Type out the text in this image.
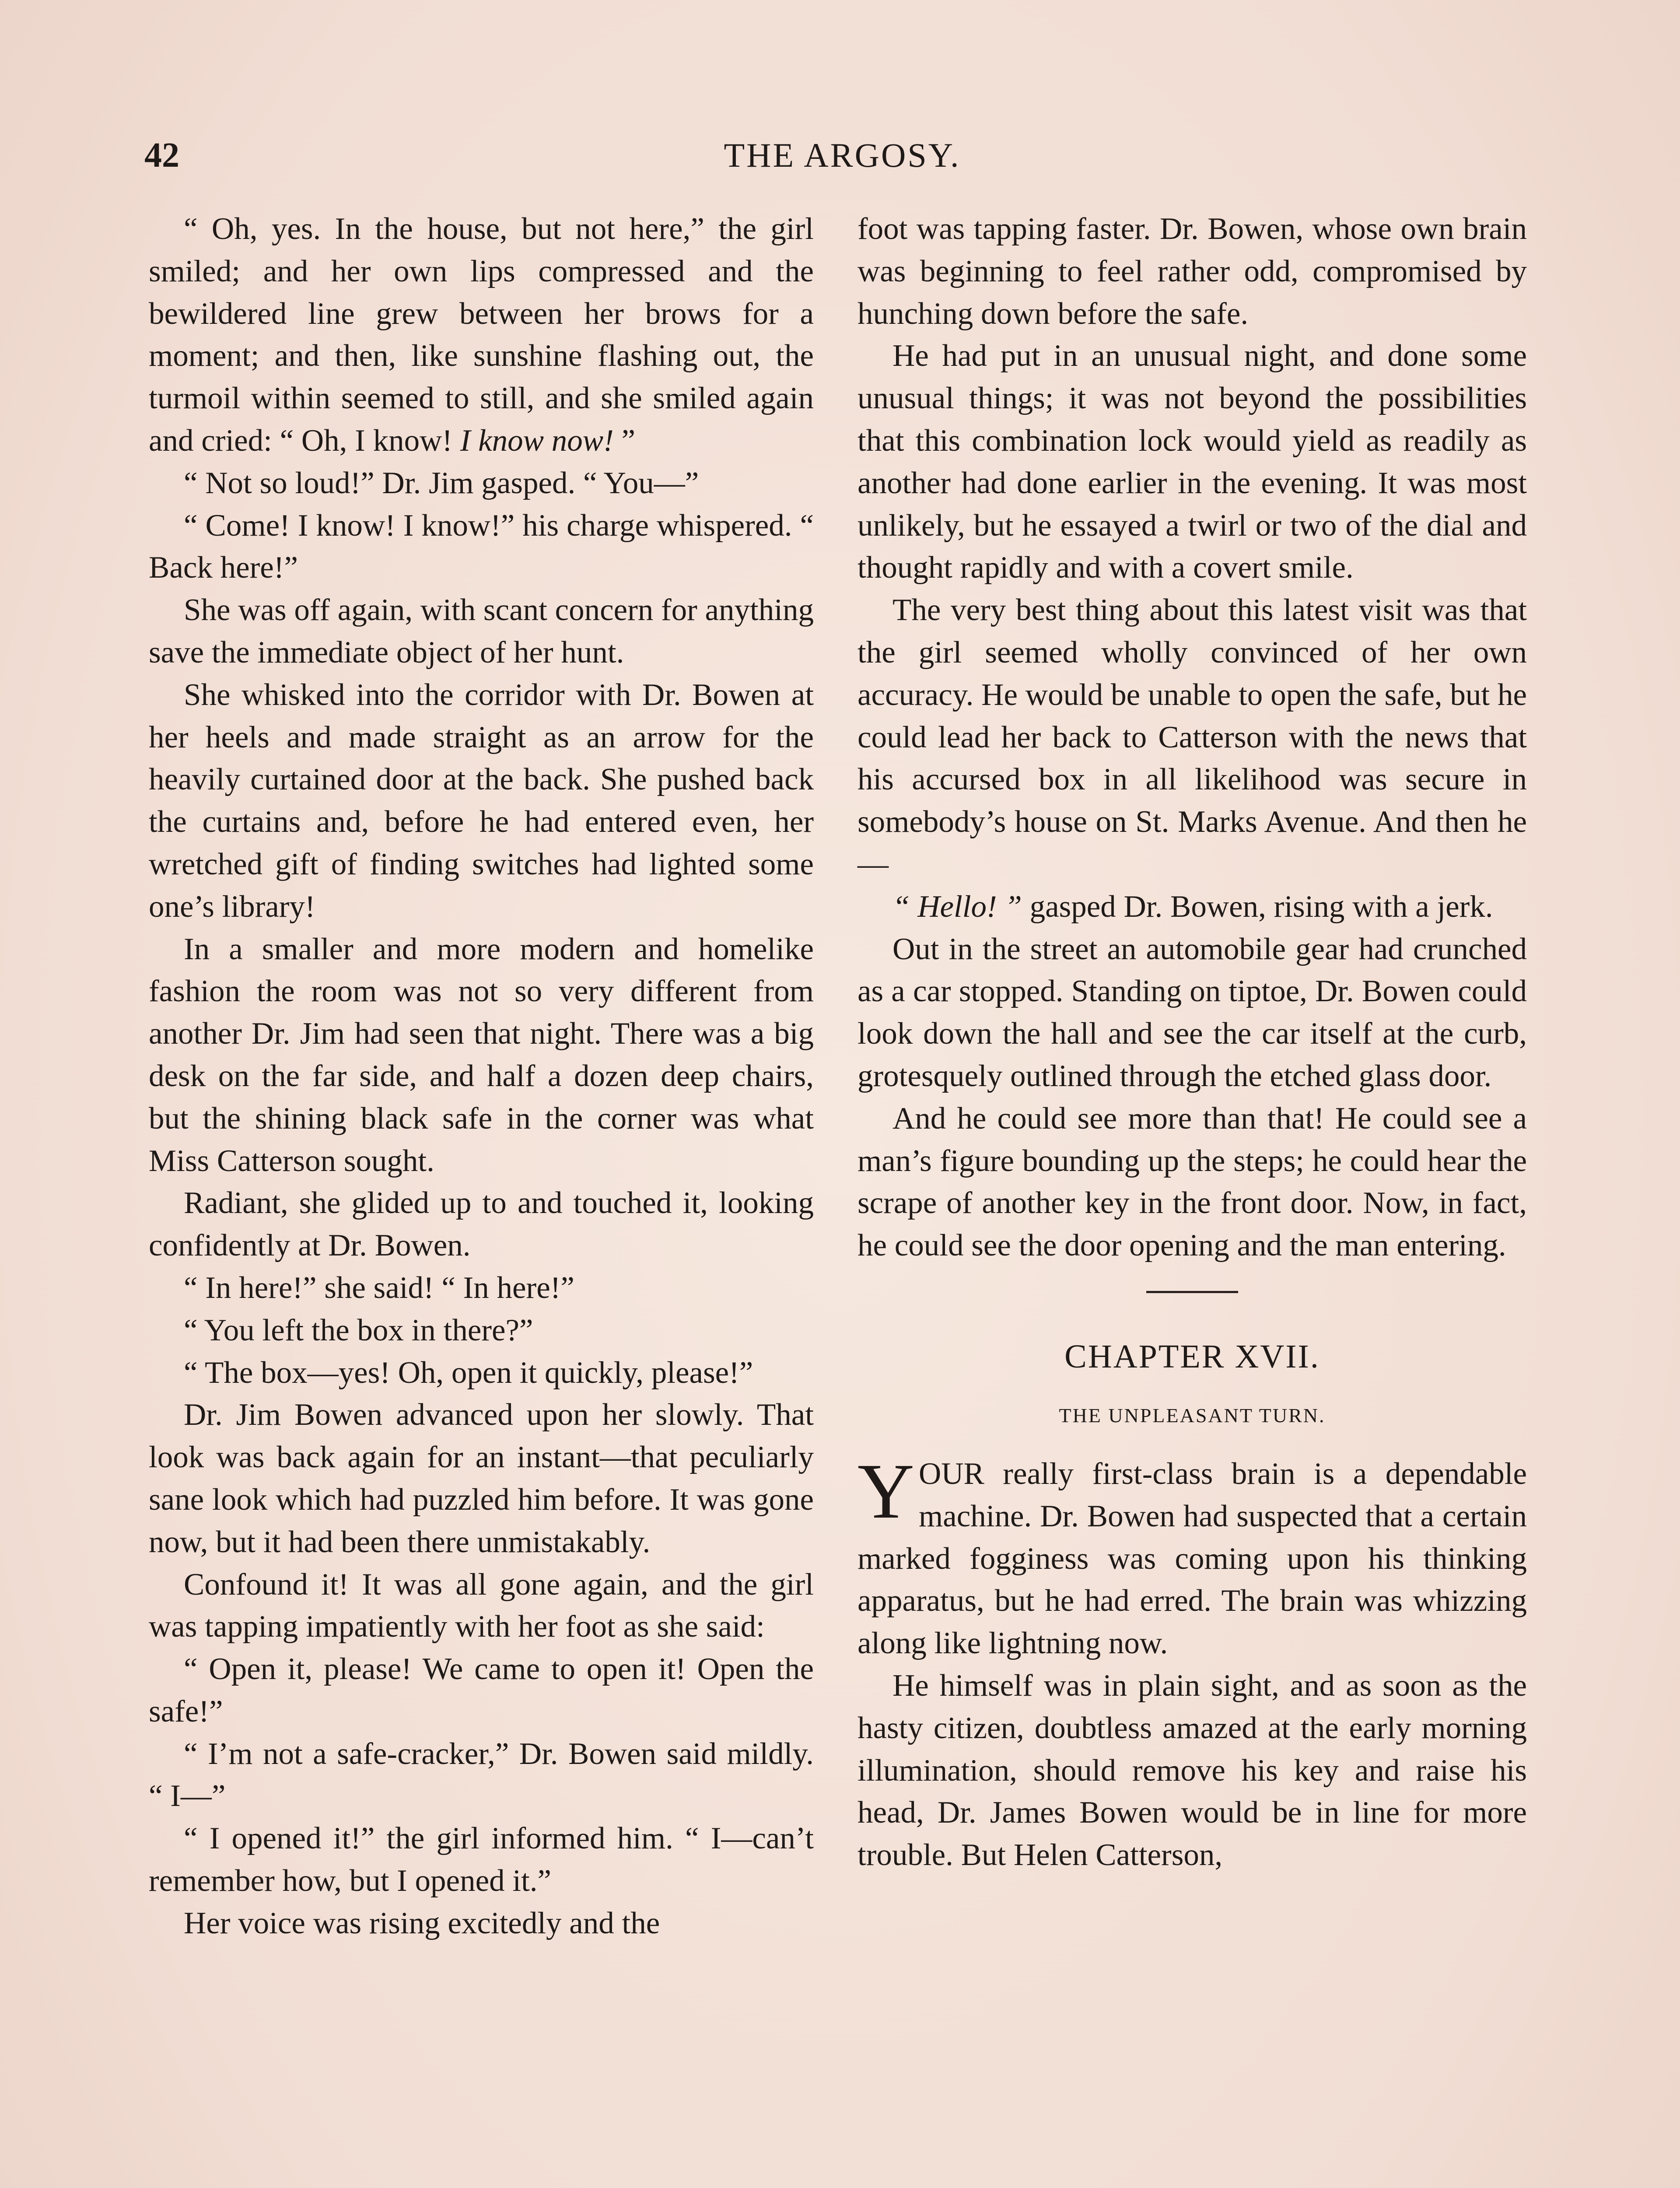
42	THE ARGOSY.

“ Oh, yes. In the house, but not here,” the girl smiled; and her own lips compressed and the bewildered line grew between her brows for a moment; and then, like sunshine flashing out, the turmoil within seemed to still, and she smiled again and cried: “ Oh, I know! I know now! ”

“ Not so loud!” Dr. Jim gasped. “ You—”

“ Come! I know! I know!” his charge whispered. “ Back here!”

She was off again, with scant concern for anything save the immediate object of her hunt.

She whisked into the corridor with Dr. Bowen at her heels and made straight as an arrow for the heavily curtained door at the back. She pushed back the curtains and, before he had entered even, her wretched gift of finding switches had lighted some one’s library!

In a smaller and more modern and homelike fashion the room was not so very different from another Dr. Jim had seen that night. There was a big desk on the far side, and half a dozen deep chairs, but the shining black safe in the corner was what Miss Catterson sought.

Radiant, she glided up to and touched it, looking confidently at Dr. Bowen.

“ In here!” she said! “ In here!”

“ You left the box in there?”

“ The box—yes! Oh, open it quickly, please!”

Dr. Jim Bowen advanced upon her slowly. That look was back again for an instant—that peculiarly sane look which had puzzled him before. It was gone now, but it had been there unmistakably.

Confound it! It was all gone again, and the girl was tapping impatiently with her foot as she said:

“ Open it, please! We came to open it! Open the safe!”

“ I’m not a safe-cracker,” Dr. Bowen said mildly. “ I—”

“ I opened it!” the girl informed him. “ I—can’t remember how, but I opened it.”

Her voice was rising excitedly and the

foot was tapping faster. Dr. Bowen, whose own brain was beginning to feel rather odd, compromised by hunching down before the safe.

He had put in an unusual night, and done some unusual things; it was not beyond the possibilities that this combination lock would yield as readily as another had done earlier in the evening. It was most unlikely, but he essayed a twirl or two of the dial and thought rapidly and with a covert smile.

The very best thing about this latest visit was that the girl seemed wholly convinced of her own accuracy. He would be unable to open the safe, but he could lead her back to Catterson with the news that his accursed box in all likelihood was secure in somebody’s house on St. Marks Avenue. And then he—

“ Hello! ” gasped Dr. Bowen, rising with a jerk.

Out in the street an automobile gear had crunched as a car stopped. Standing on tiptoe, Dr. Bowen could look down the hall and see the car itself at the curb, grotesquely outlined through the etched glass door.

And he could see more than that! He could see a man’s figure bounding up the steps; he could hear the scrape of another key in the front door. Now, in fact, he could see the door opening and the man entering.

CHAPTER XVII.
THE UNPLEASANT TURN.

YOUR really first-class brain is a dependable machine. Dr. Bowen had suspected that a certain marked fogginess was coming upon his thinking apparatus, but he had erred. The brain was whizzing along like lightning now.

He himself was in plain sight, and as soon as the hasty citizen, doubtless amazed at the early morning illumination, should remove his key and raise his head, Dr. James Bowen would be in line for more trouble. But Helen Catterson,
